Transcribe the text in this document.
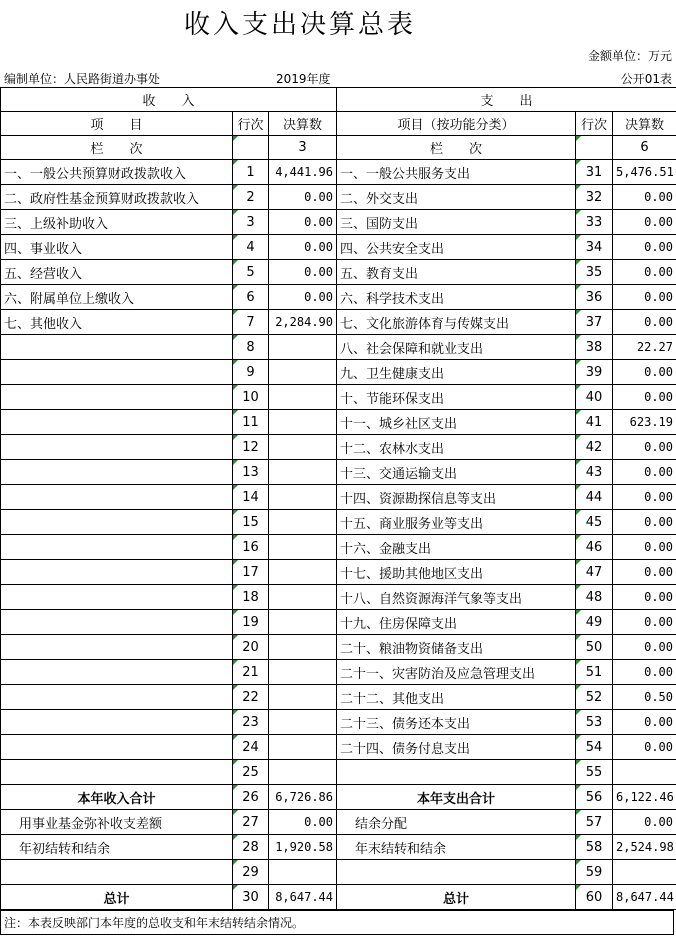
收入支出决算总表
金额单位：万元
编制单位：人民路街道办事处	2019年度	公开01表
收　　入			支　　出		
项　　目	行次	决算数	项目（按功能分类）	行次	决算数
栏　　次		3	栏　　次		6
一、一般公共预算财政拨款收入	1	4,441.96	一、一般公共服务支出	31	5,476.51
二、政府性基金预算财政拨款收入	2	0.00	二、外交支出	32	0.00
三、上级补助收入	3	0.00	三、国防支出	33	0.00
四、事业收入	4	0.00	四、公共安全支出	34	0.00
五、经营收入	5	0.00	五、教育支出	35	0.00
六、附属单位上缴收入	6	0.00	六、科学技术支出	36	0.00
七、其他收入	7	2,284.90	七、文化旅游体育与传媒支出	37	0.00
	8		八、社会保障和就业支出	38	22.27
	9		九、卫生健康支出	39	0.00
	10		十、节能环保支出	40	0.00
	11		十一、城乡社区支出	41	623.19
	12		十二、农林水支出	42	0.00
	13		十三、交通运输支出	43	0.00
	14		十四、资源勘探信息等支出	44	0.00
	15		十五、商业服务业等支出	45	0.00
	16		十六、金融支出	46	0.00
	17		十七、援助其他地区支出	47	0.00
	18		十八、自然资源海洋气象等支出	48	0.00
	19		十九、住房保障支出	49	0.00
	20		二十、粮油物资储备支出	50	0.00
	21		二十一、灾害防治及应急管理支出	51	0.00
	22		二十二、其他支出	52	0.50
	23		二十三、债务还本支出	53	0.00
	24		二十四、债务付息支出	54	0.00
	25			55	
本年收入合计	26	6,726.86	本年支出合计	56	6,122.46
用事业基金弥补收支差额	27	0.00	结余分配	57	0.00
年初结转和结余	28	1,920.58	年末结转和结余	58	2,524.98
	29			59	
总计	30	8,647.44	总计	60	8,647.44
注：本表反映部门本年度的总收支和年末结转结余情况。
